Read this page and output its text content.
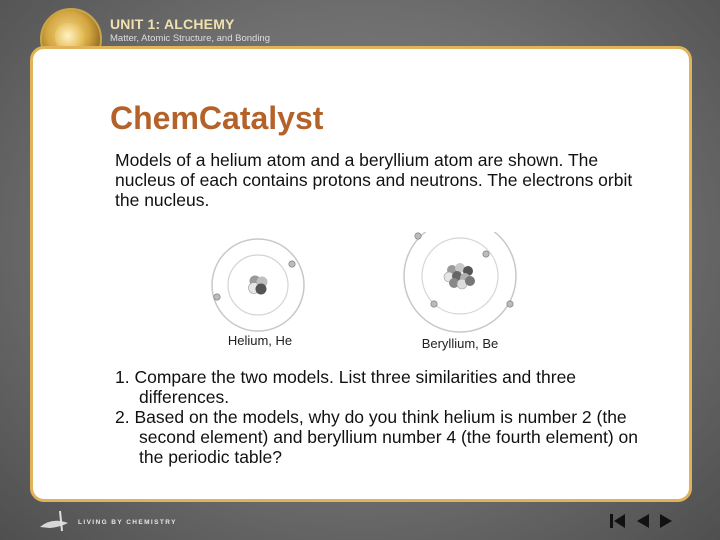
UNIT 1: ALCHEMY

Matter, Atomic Structure, and Bonding

ChemCatalyst

Models of a helium atom and a beryllium atom are shown. The nucleus of each contains protons and neutrons. The electrons orbit the nucleus.

Helium, He	Beryllium, Be

1. Compare the two models. List three similarities and three differences.
2. Based on the models, why do you think helium is number 2 (the second element) and beryllium number 4 (the fourth element) on the periodic table?

LIVING BY CHEMISTRY
